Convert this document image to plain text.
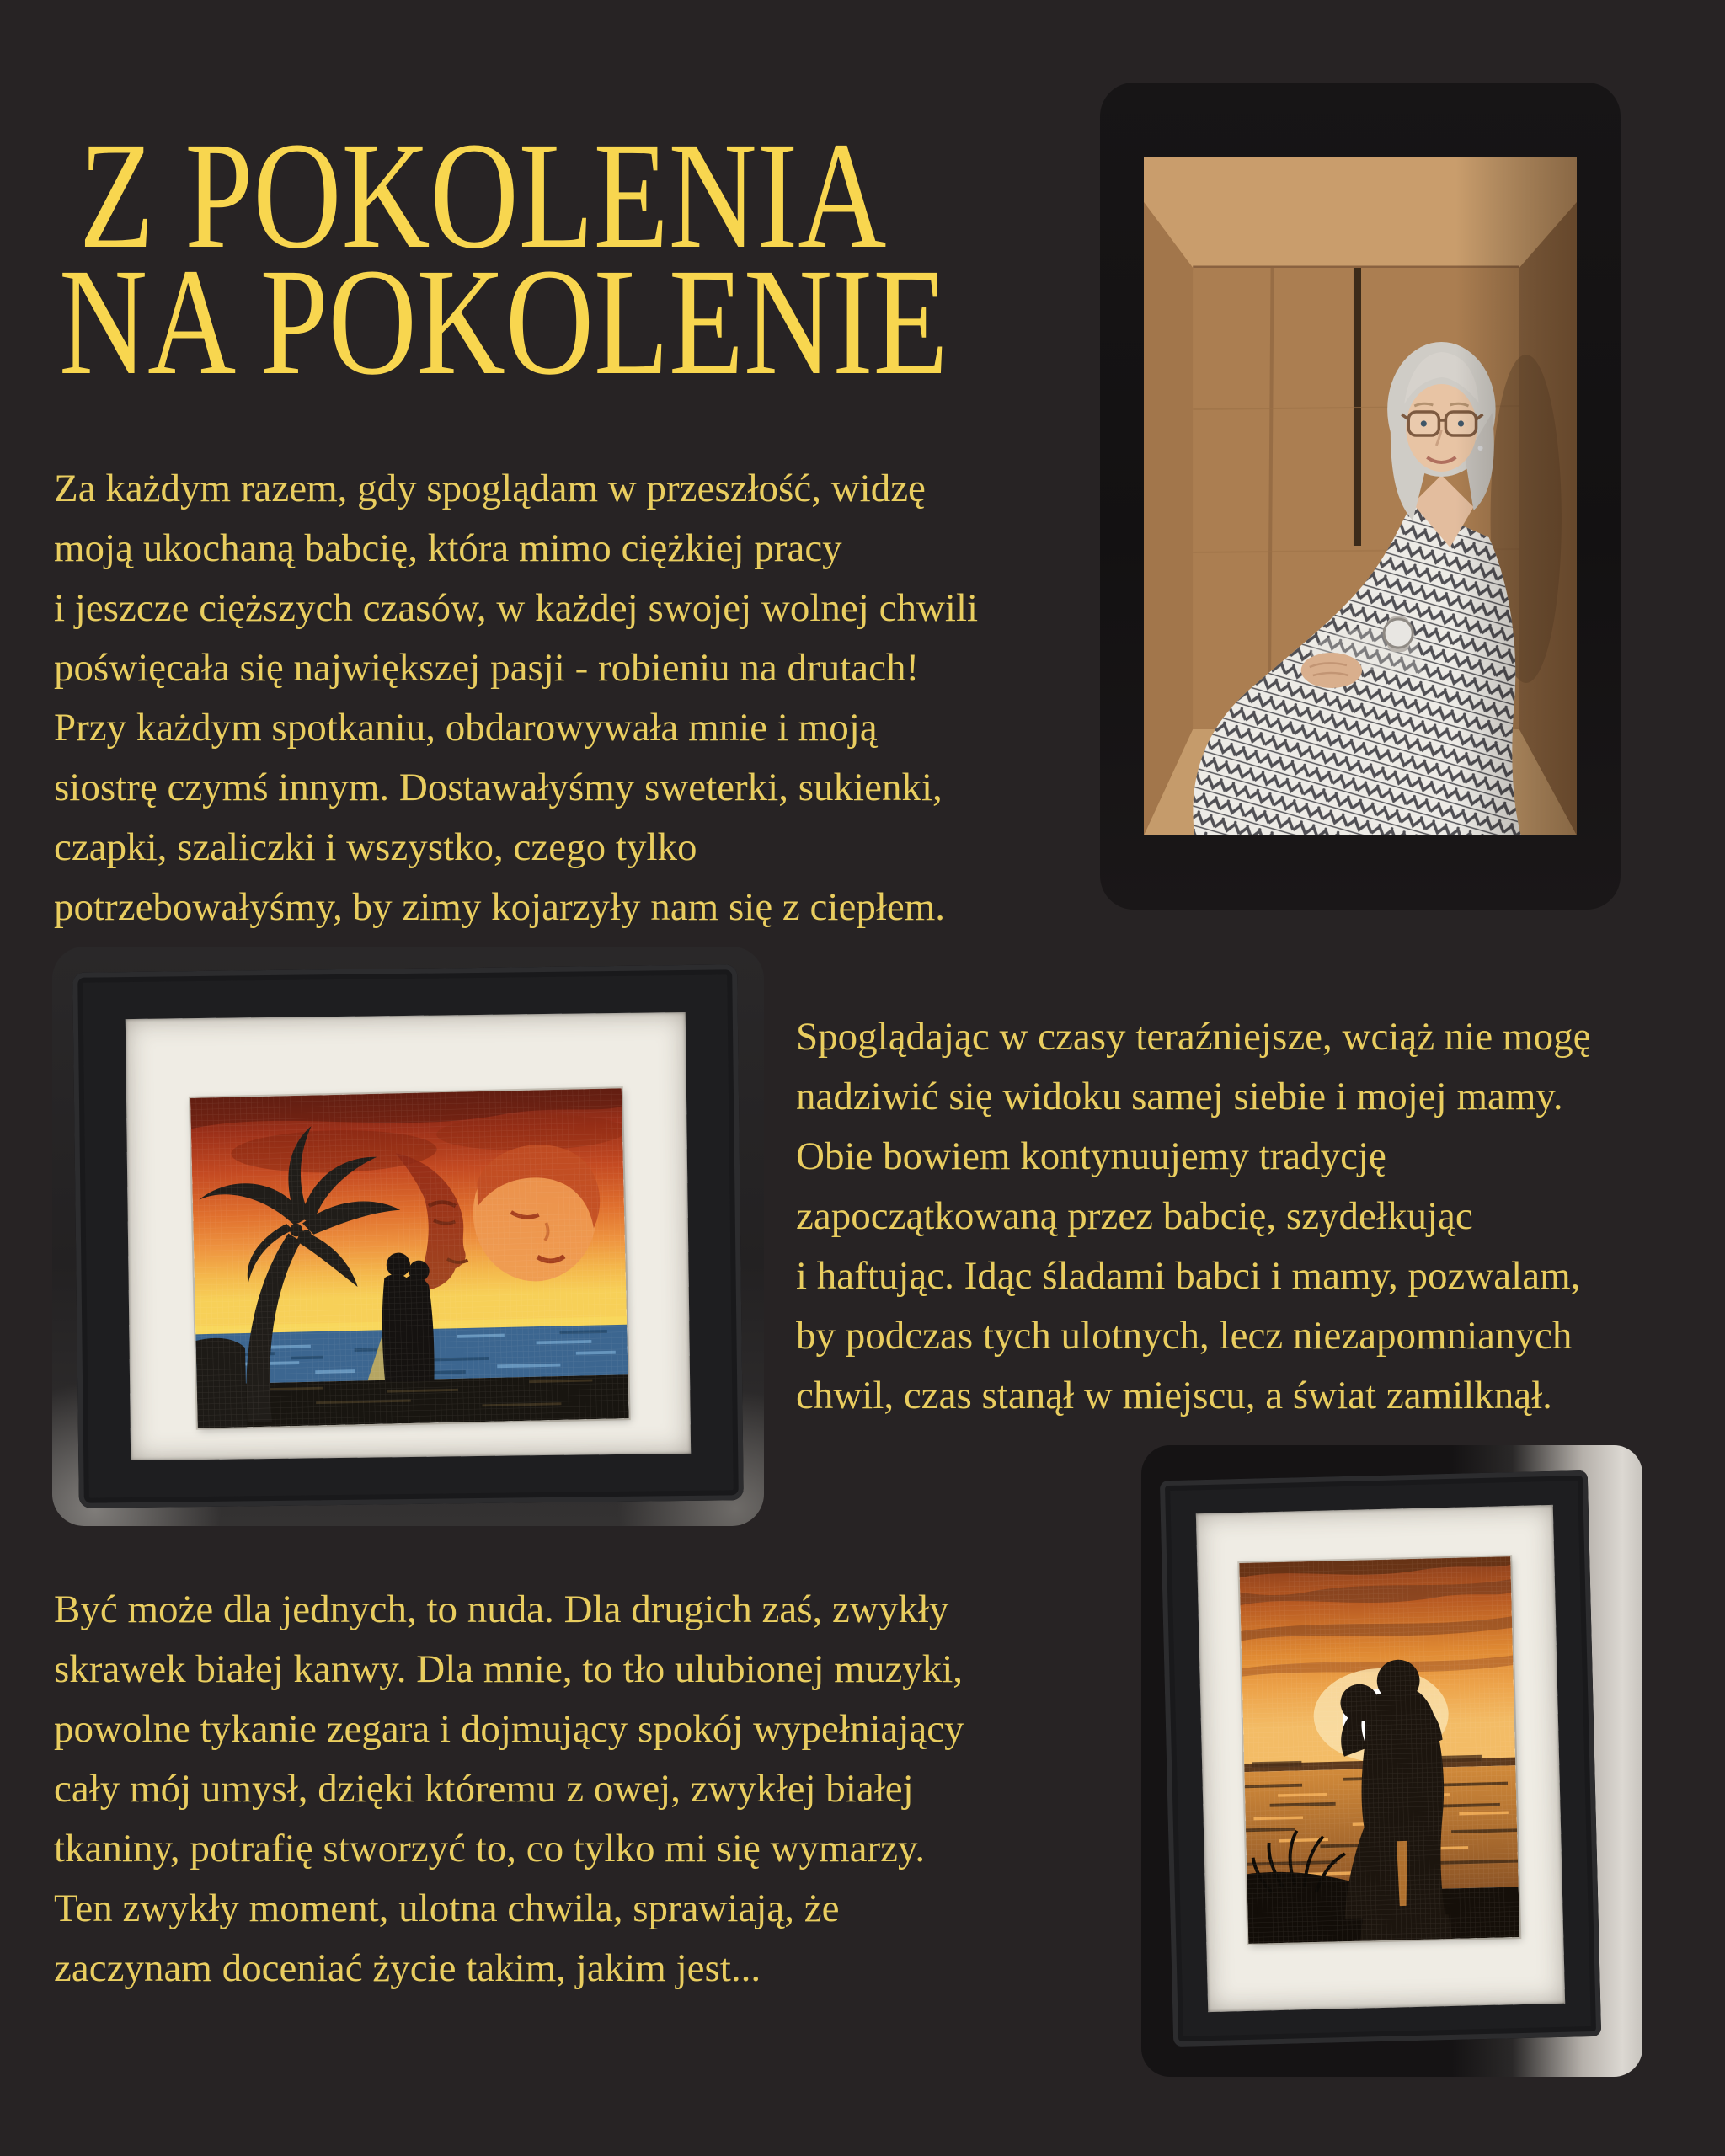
Z POKOLENIA
NA POKOLENIE
Za każdym razem, gdy spoglądam w przeszłość, widzę
moją ukochaną babcię, która mimo ciężkiej pracy
i jeszcze cięższych czasów, w każdej swojej wolnej chwili
poświęcała się największej pasji - robieniu na drutach!
Przy każdym spotkaniu, obdarowywała mnie i moją
siostrę czymś innym. Dostawałyśmy sweterki, sukienki,
czapki, szaliczki i wszystko, czego tylko
potrzebowałyśmy, by zimy kojarzyły nam się z ciepłem.
Spoglądając w czasy teraźniejsze, wciąż nie mogę
nadziwić się widoku samej siebie i mojej mamy.
Obie bowiem kontynuujemy tradycję
zapoczątkowaną przez babcię, szydełkując
i haftując. Idąc śladami babci i mamy, pozwalam,
by podczas tych ulotnych, lecz niezapomnianych
chwil, czas stanął w miejscu, a świat zamilknął.
Być może dla jednych, to nuda. Dla drugich zaś, zwykły
skrawek białej kanwy. Dla mnie, to tło ulubionej muzyki,
powolne tykanie zegara i dojmujący spokój wypełniający
cały mój umysł, dzięki któremu z owej, zwykłej białej
tkaniny, potrafię stworzyć to, co tylko mi się wymarzy.
Ten zwykły moment, ulotna chwila, sprawiają, że
zaczynam doceniać życie takim, jakim jest...
